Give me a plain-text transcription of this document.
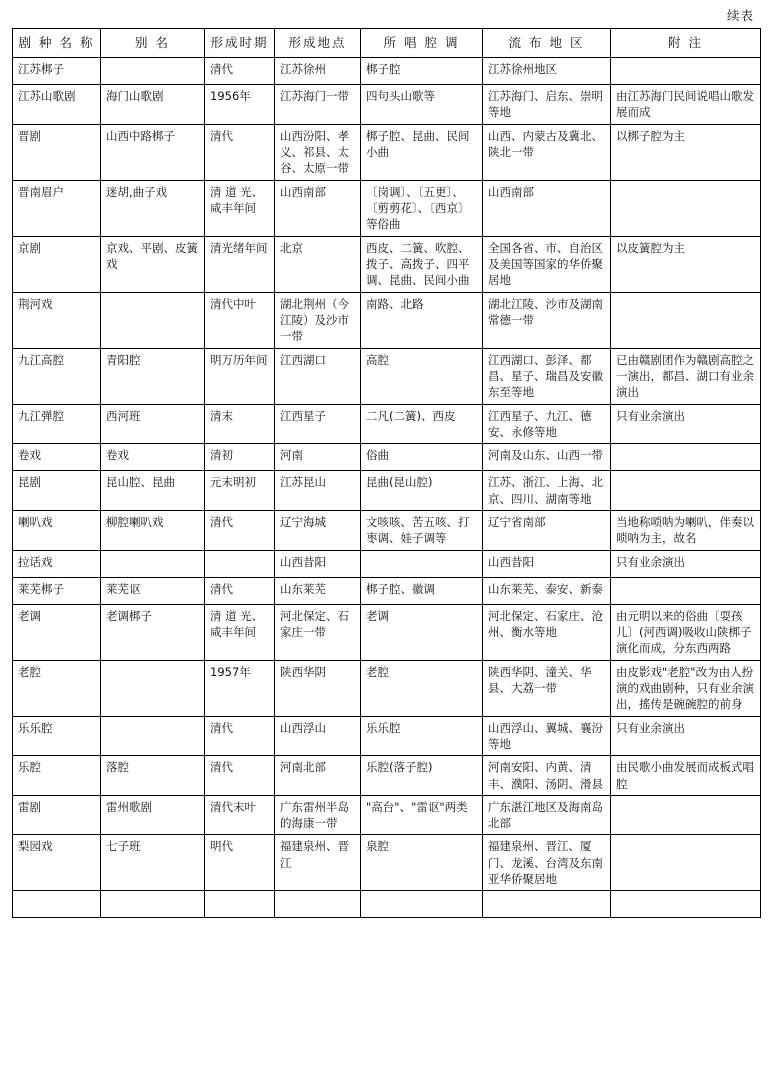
续表
剧 种 名 称	别 名	形成时期	形成地点	所 唱 腔 调	流 布 地 区	附 注

江苏梆子		清代	江苏徐州	梆子腔	江苏徐州地区	

江苏山歌剧	海门山歌剧	1956年	江苏海门一带	四句头山歌等	江苏海门、启东、崇明等地	由江苏海门民间说唱山歌发展而成

晋剧	山西中路梆子	清代	山西汾阳、孝义、祁县、太谷、太原一带	梆子腔、昆曲、民间小曲	山西、内蒙古及冀北、陕北一带	以梆子腔为主

晋南眉户	迷胡,曲子戏	清 道 光、咸丰年间	山西南部	〔岗调〕、〔五更〕、〔剪剪花〕、〔西京〕等俗曲	山西南部	

京剧	京戏、平剧、皮簧戏	清光绪年间	北京	西皮、二簧、吹腔、拨子、高拨子、四平调、昆曲、民间小曲	全国各省、市、自治区及美国等国家的华侨聚居地	以皮簧腔为主

荆河戏		清代中叶	湖北荆州（今江陵）及沙市一带	南路、北路	湖北江陵、沙市及湖南常德一带	

九江高腔	青阳腔	明万历年间	江西湖口	高腔	江西湖口、彭泽、都昌、星子、瑞昌及安徽东至等地	已由赣剧团作为赣剧高腔之一演出，都昌、湖口有业余演出

九江弹腔	西河班	清末	江西星子	二凡(二簧)、西皮	江西星子、九江、德安、永修等地	只有业余演出

卷戏	卷戏	清初	河南	俗曲	河南及山东、山西一带	

昆剧	昆山腔、昆曲	元末明初	江苏昆山	昆曲(昆山腔)	江苏、浙江、上海、北京、四川、湖南等地	

喇叭戏	柳腔喇叭戏	清代	辽宁海城	文咳咳、苦五咳、打枣调、娃子调等	辽宁省南部	当地称唢呐为喇叭，伴奏以唢呐为主，故名

拉话戏			山西昔阳		山西昔阳	只有业余演出

莱芜梆子	莱芜讴	清代	山东莱芜	梆子腔、徽调	山东莱芜、泰安、新泰	

老调	老调梆子	清 道 光、咸丰年间	河北保定、石家庄一带	老调	河北保定、石家庄、沧州、衡水等地	由元明以来的俗曲〔耍孩儿〕(河西调)吸收山陕梆子演化而成，分东西两路

老腔		1957年	陕西华阴	老腔	陕西华阴、潼关、华县、大荔一带	由皮影戏"老腔"改为由人扮演的戏曲剧种，只有业余演出，搖传是碗碗腔的前身

乐乐腔		清代	山西浮山	乐乐腔	山西浮山、翼城、襄汾等地	只有业余演出

乐腔	落腔	清代	河南北部	乐腔(落子腔)	河南安阳、内黄、清丰、濮阳、汤阴、滑县	由民歌小曲发展而成板式唱腔

雷剧	雷州歌剧	清代末叶	广东雷州半岛的海康一带	"高台"、"雷讴"两类	广东湛江地区及海南岛北部	

梨园戏	七子班	明代	福建泉州、晋江	泉腔	福建泉州、晋江、厦门、龙溪、台湾及东南亚华侨聚居地	
